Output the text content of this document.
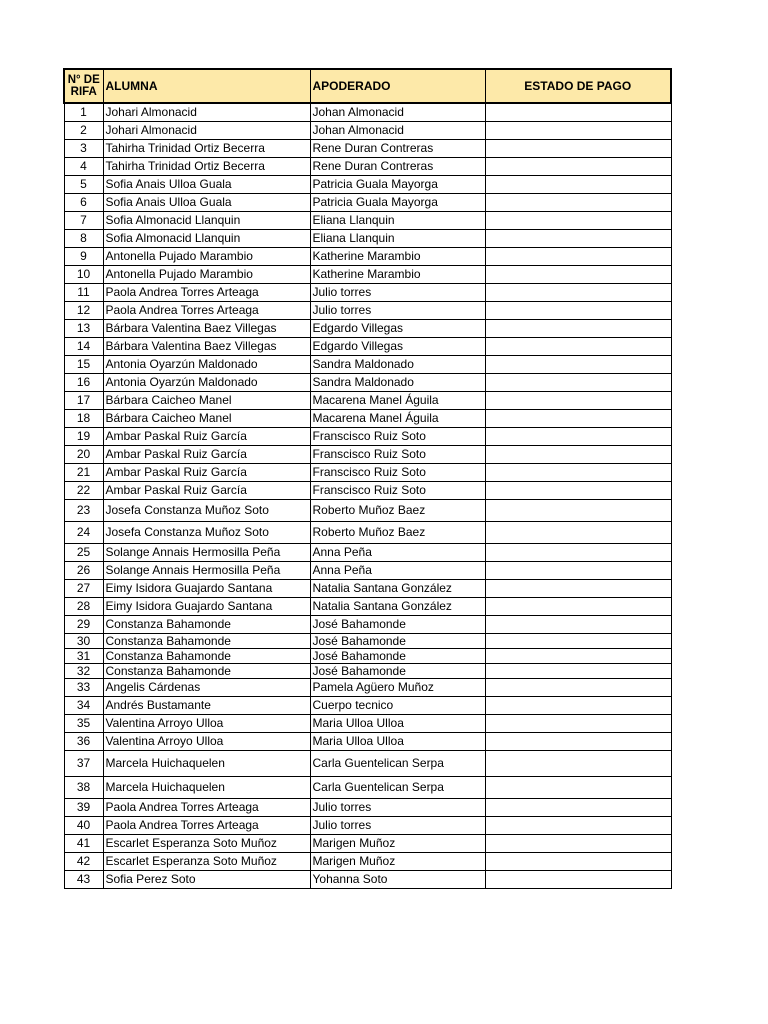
N° DE RIFA	ALUMNA	APODERADO	ESTADO DE PAGO
1	Johari Almonacid	Johan Almonacid	
2	Johari Almonacid	Johan Almonacid	
3	Tahirha Trinidad Ortiz Becerra	Rene Duran Contreras	
4	Tahirha Trinidad Ortiz Becerra	Rene Duran Contreras	
5	Sofia Anais Ulloa Guala	Patricia Guala Mayorga	
6	Sofia Anais Ulloa Guala	Patricia Guala Mayorga	
7	Sofia Almonacid Llanquin	Eliana Llanquin	
8	Sofia Almonacid Llanquin	Eliana Llanquin	
9	Antonella Pujado Marambio	Katherine Marambio	
10	Antonella Pujado Marambio	Katherine Marambio	
11	Paola Andrea Torres Arteaga	Julio torres	
12	Paola Andrea Torres Arteaga	Julio torres	
13	Bárbara Valentina Baez Villegas	Edgardo Villegas	
14	Bárbara Valentina Baez Villegas	Edgardo Villegas	
15	Antonia Oyarzún Maldonado	Sandra Maldonado	
16	Antonia Oyarzún Maldonado	Sandra Maldonado	
17	Bárbara Caicheo Manel	Macarena Manel Águila	
18	Bárbara Caicheo Manel	Macarena Manel Águila	
19	Ambar Paskal Ruiz García	Franscisco Ruiz Soto	
20	Ambar Paskal Ruiz García	Franscisco Ruiz Soto	
21	Ambar Paskal Ruiz García	Franscisco Ruiz Soto	
22	Ambar Paskal Ruiz García	Franscisco Ruiz Soto	
23	Josefa Constanza Muñoz Soto	Roberto Muñoz Baez	
24	Josefa Constanza Muñoz Soto	Roberto Muñoz Baez	
25	Solange Annais Hermosilla Peña	Anna Peña	
26	Solange Annais Hermosilla Peña	Anna Peña	
27	Eimy Isidora Guajardo Santana	Natalia Santana González	
28	Eimy Isidora Guajardo Santana	Natalia Santana González	
29	Constanza Bahamonde	José Bahamonde	
30	Constanza Bahamonde	José Bahamonde	
31	Constanza Bahamonde	José Bahamonde	
32	Constanza Bahamonde	José Bahamonde	
33	Angelis Cárdenas	Pamela Agüero Muñoz	
34	Andrés Bustamante	Cuerpo tecnico	
35	Valentina Arroyo Ulloa	Maria Ulloa Ulloa	
36	Valentina Arroyo Ulloa	Maria Ulloa Ulloa	
37	Marcela Huichaquelen	Carla Guentelican Serpa	
38	Marcela Huichaquelen	Carla Guentelican Serpa	
39	Paola Andrea Torres Arteaga	Julio torres	
40	Paola Andrea Torres Arteaga	Julio torres	
41	Escarlet Esperanza Soto Muñoz	Marigen Muñoz	
42	Escarlet Esperanza Soto Muñoz	Marigen Muñoz	
43	Sofia Perez Soto	Yohanna Soto	
